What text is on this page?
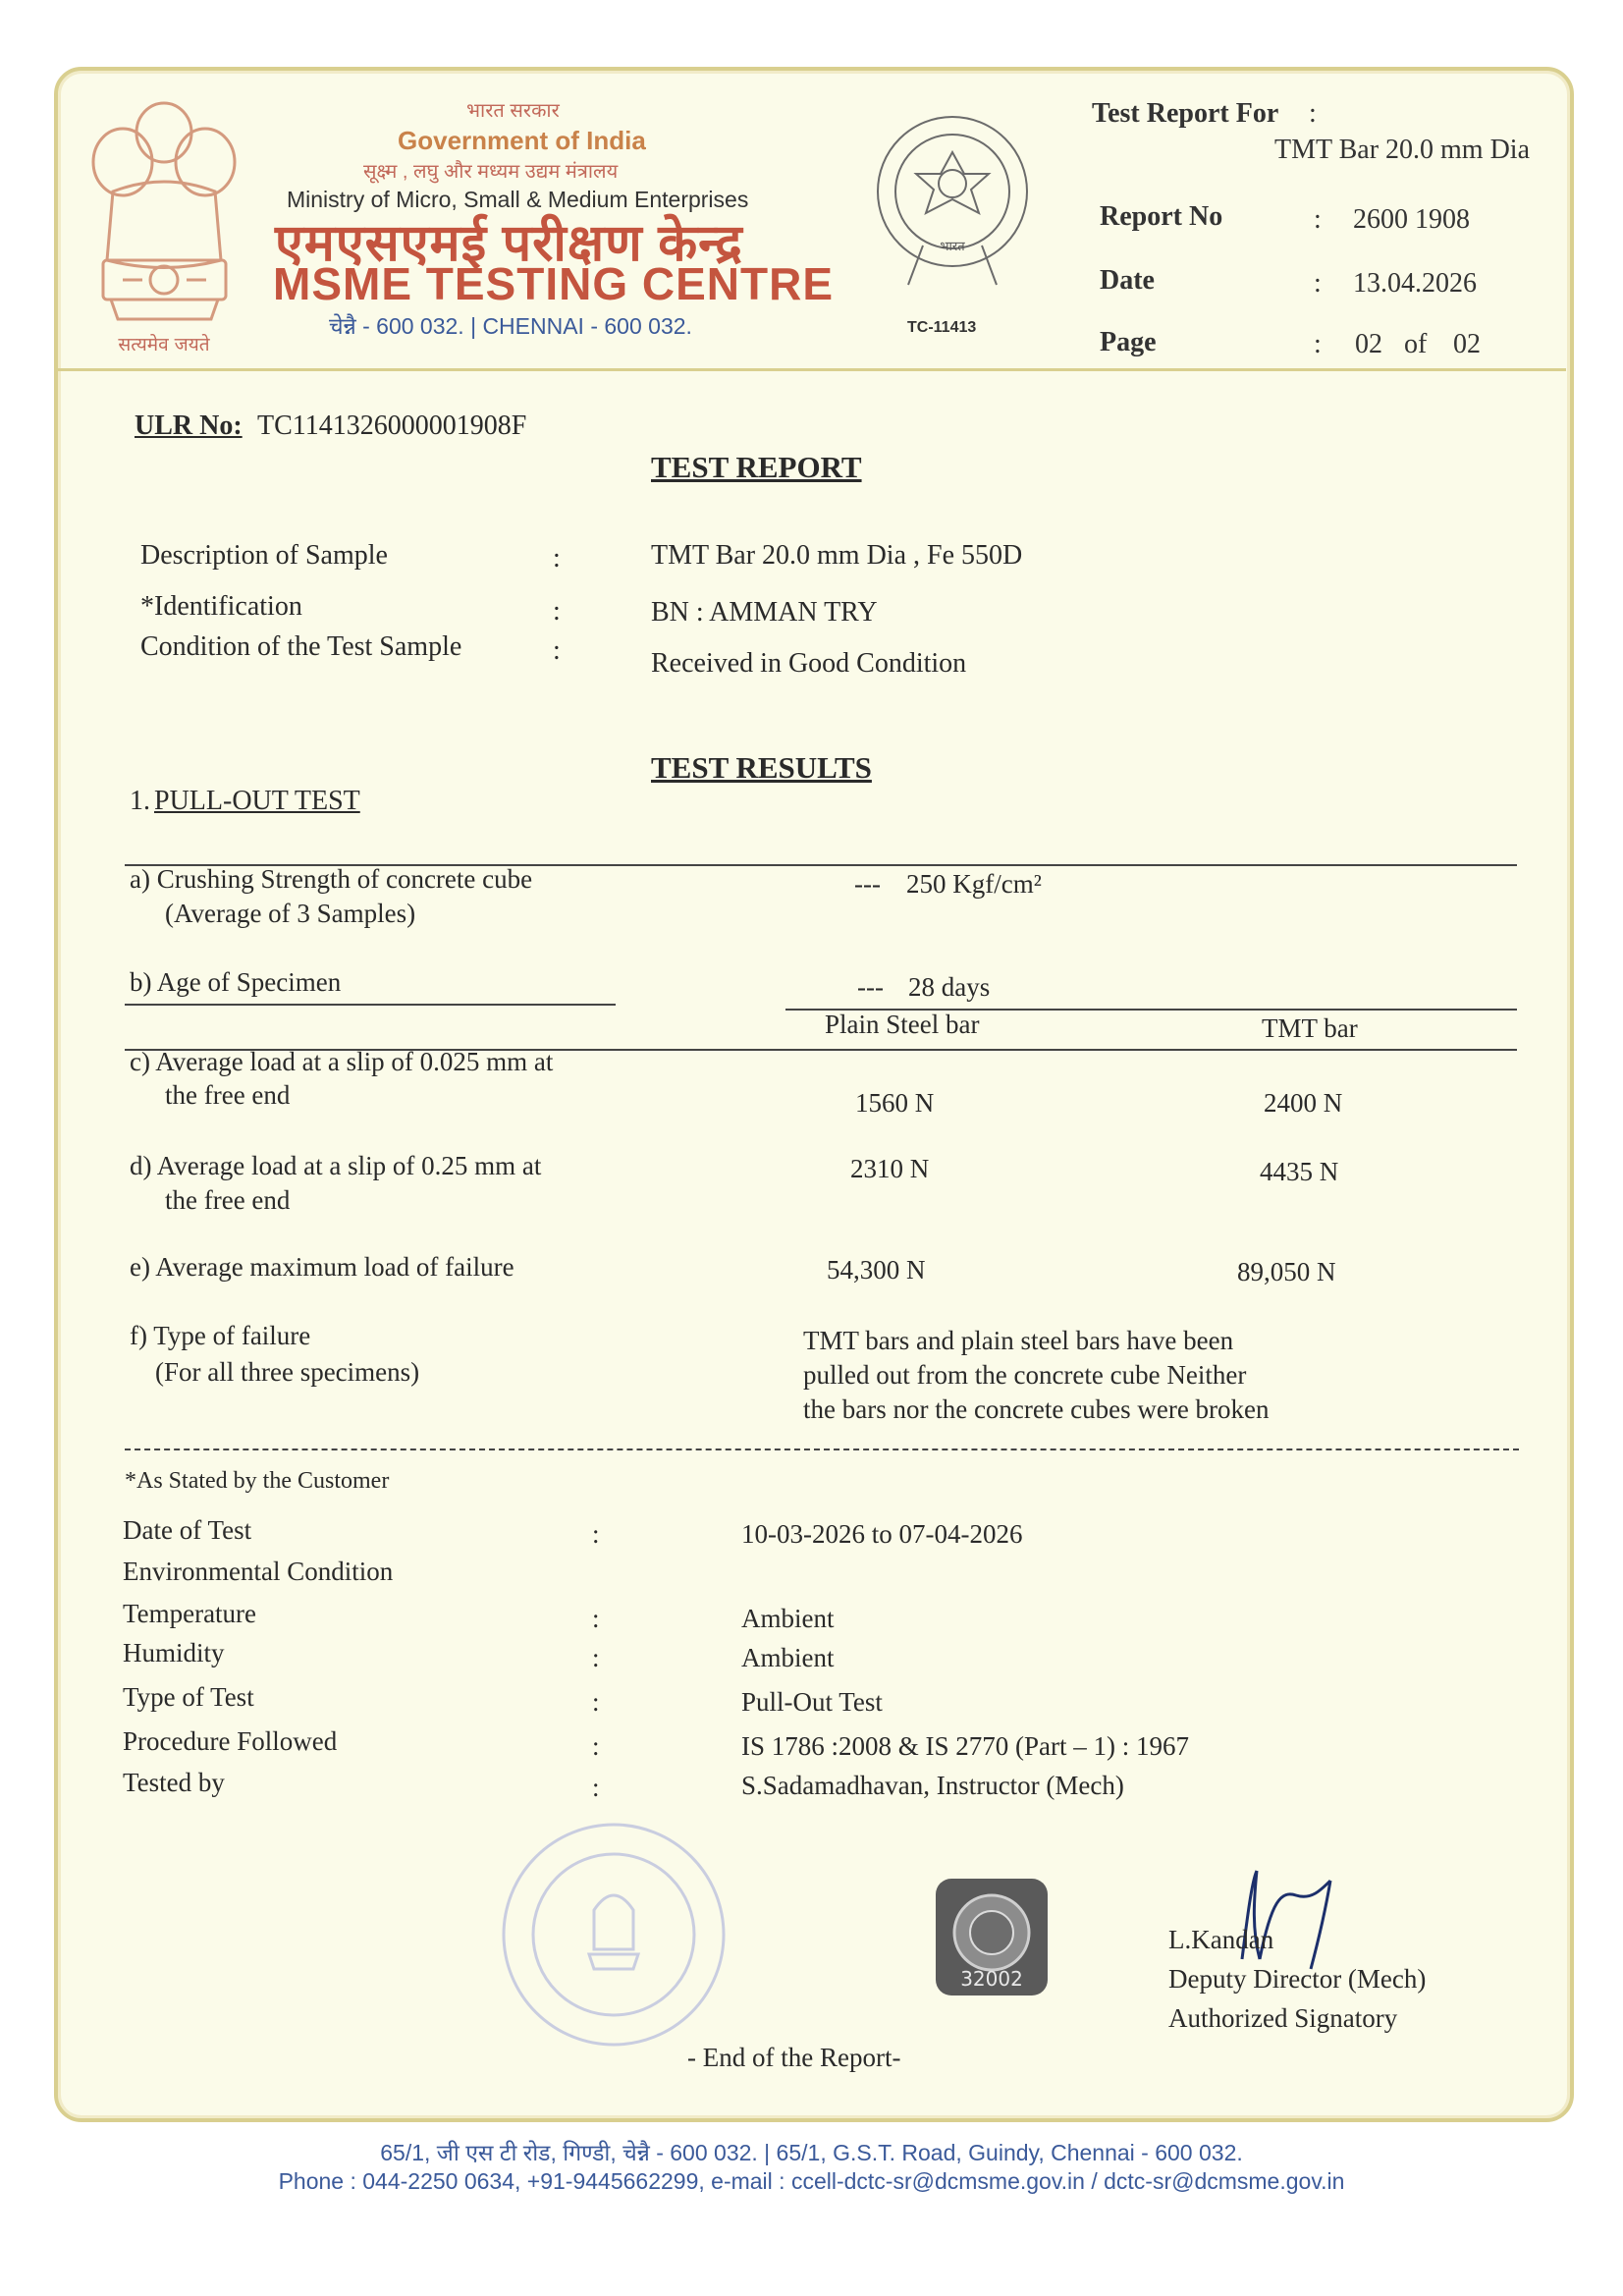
सत्यमेव जयते
भारत सरकार
Government of India
सूक्ष्म , लघु और मध्यम उद्यम मंत्रालय
Ministry of Micro, Small & Medium Enterprises
एमएसएमई परीक्षण केन्द्र
MSME TESTING CENTRE
चेन्नै - 600 032. | CHENNAI - 600 032.
भारत
TC-11413
Test Report For :
TMT Bar 20.0 mm Dia
Report No	: 2600 1908
Date	: 13.04.2026
Page	: 02 of 02
ULR No: TC1141326000001908F
TEST REPORT
Description of Sample	:	TMT Bar 20.0 mm Dia , Fe 550D
*Identification	:	BN : AMMAN TRY
Condition of the Test Sample	:	Received in Good Condition
TEST RESULTS
1. PULL-OUT TEST
a) Crushing Strength of concrete cube
(Average of 3 Samples)
--- 250 Kgf/cm²
b) Age of Specimen	--- 28 days
Plain Steel bar	TMT bar
c) Average load at a slip of 0.025 mm at
the free end	1560 N	2400 N
d) Average load at a slip of 0.25 mm at
the free end
2310 N	4435 N
e) Average maximum load of failure	54,300 N	89,050 N
f) Type of failure
(For all three specimens)
TMT bars and plain steel bars have been
pulled out from the concrete cube Neither
the bars nor the concrete cubes were broken
*As Stated by the Customer
Date of Test	:	10-03-2026 to 07-04-2026
Environmental Condition
Temperature	:	Ambient
Humidity	:	Ambient
Type of Test	:	Pull-Out Test
Procedure Followed	:	IS 1786 :2008 & IS 2770 (Part – 1) : 1967
Tested by	:	S.Sadamadhavan, Instructor (Mech)
32002
L.Kandan
Deputy Director (Mech)
Authorized Signatory
- End of the Report-
65/1, जी एस टी रोड, गिण्डी, चेन्नै - 600 032. | 65/1, G.S.T. Road, Guindy, Chennai - 600 032.
Phone : 044-2250 0634, +91-9445662299, e-mail : ccell-dctc-sr@dcmsme.gov.in / dctc-sr@dcmsme.gov.in
